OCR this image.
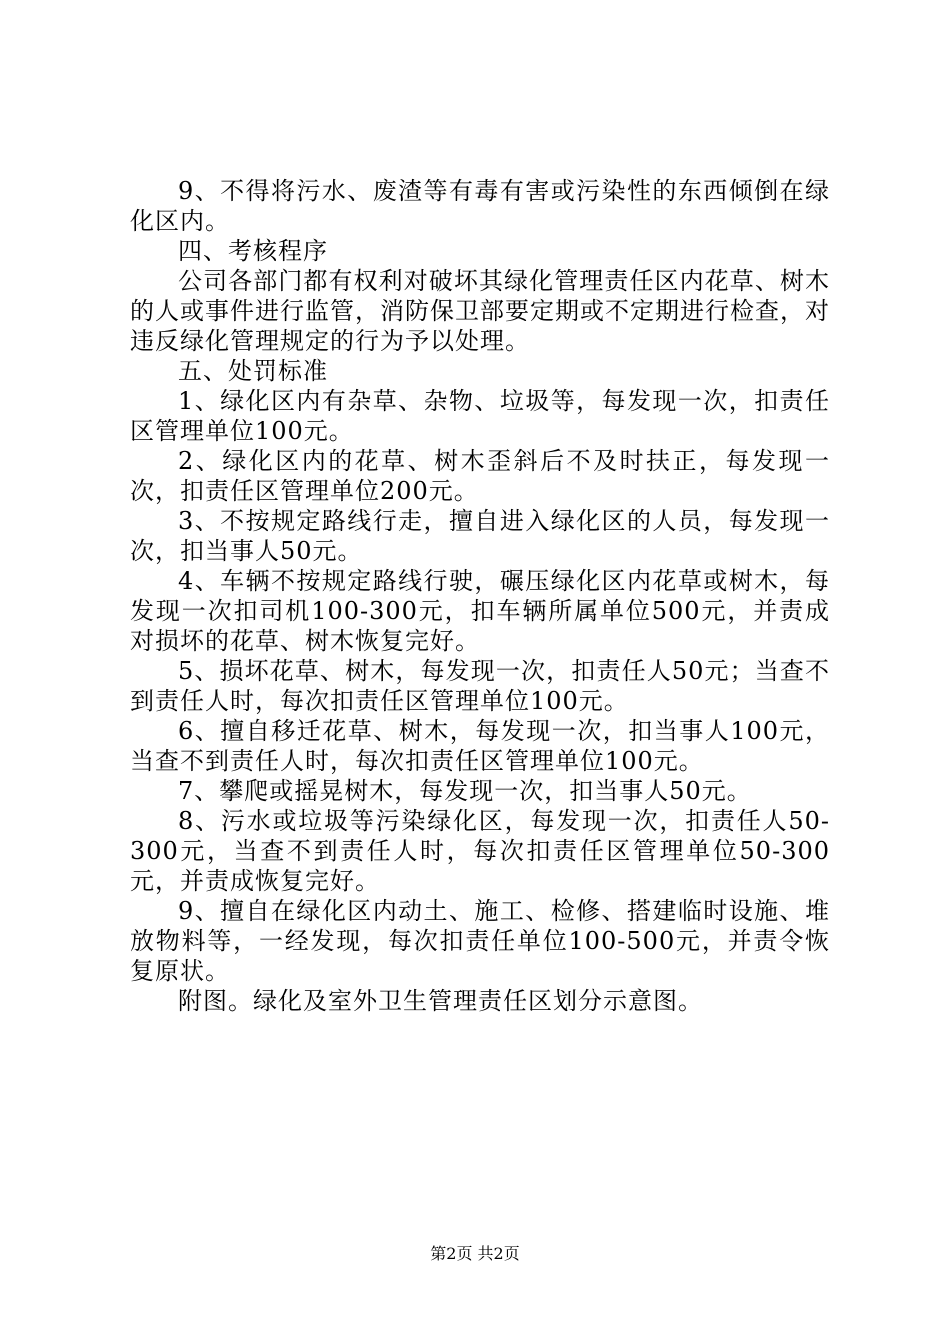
9、不得将污水、废渣等有毒有害或污染性的东西倾倒在绿化区内。

四、考核程序

公司各部门都有权利对破坏其绿化管理责任区内花草、树木的人或事件进行监管，消防保卫部要定期或不定期进行检查，对违反绿化管理规定的行为予以处理。

五、处罚标准

1、绿化区内有杂草、杂物、垃圾等，每发现一次，扣责任区管理单位100元。

2、绿化区内的花草、树木歪斜后不及时扶正，每发现一次，扣责任区管理单位200元。

3、不按规定路线行走，擅自进入绿化区的人员，每发现一次，扣当事人50元。

4、车辆不按规定路线行驶，碾压绿化区内花草或树木，每发现一次扣司机100-300元，扣车辆所属单位500元，并责成对损坏的花草、树木恢复完好。

5、损坏花草、树木，每发现一次，扣责任人50元；当查不到责任人时，每次扣责任区管理单位100元。

6、擅自移迁花草、树木，每发现一次，扣当事人100元，当查不到责任人时，每次扣责任区管理单位100元。

7、攀爬或摇晃树木，每发现一次，扣当事人50元。

8、污水或垃圾等污染绿化区，每发现一次，扣责任人50-300元，当查不到责任人时，每次扣责任区管理单位50-300元，并责成恢复完好。

9、擅自在绿化区内动土、施工、检修、搭建临时设施、堆放物料等，一经发现，每次扣责任单位100-500元，并责令恢复原状。

附图。绿化及室外卫生管理责任区划分示意图。

第2页 共2页
